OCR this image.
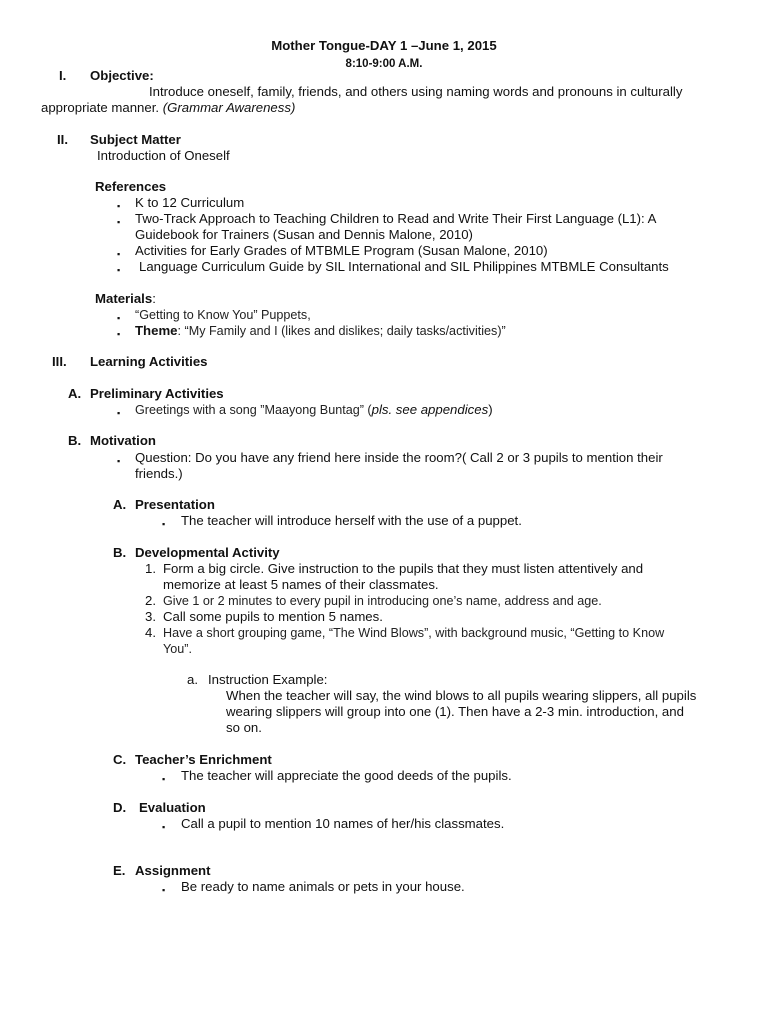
Mother Tongue-DAY 1 –June 1, 2015
8:10-9:00 A.M.
I. Objective:
Introduce oneself, family, friends, and others using naming words and pronouns in culturally
appropriate manner. (Grammar Awareness)
II. Subject Matter
Introduction of Oneself
References
▪ K to 12 Curriculum
▪ Two-Track Approach to Teaching Children to Read and Write Their First Language (L1): A
Guidebook for Trainers (Susan and Dennis Malone, 2010)
▪ Activities for Early Grades of MTBMLE Program (Susan Malone, 2010)
▪ Language Curriculum Guide by SIL International and SIL Philippines MTBMLE Consultants
Materials:
▪ “Getting to Know You” Puppets,
▪ Theme: “My Family and I (likes and dislikes; daily tasks/activities)”
III. Learning Activities
A. Preliminary Activities
▪ Greetings with a song ”Maayong Buntag” (pls. see appendices)
B. Motivation
▪ Question: Do you have any friend here inside the room?( Call 2 or 3 pupils to mention their
friends.)
A. Presentation
▪ The teacher will introduce herself with the use of a puppet.
B. Developmental Activity
1. Form a big circle. Give instruction to the pupils that they must listen attentively and
memorize at least 5 names of their classmates.
2. Give 1 or 2 minutes to every pupil in introducing one’s name, address and age.
3. Call some pupils to mention 5 names.
4. Have a short grouping game, “The Wind Blows”, with background music, “Getting to Know
You”.
a. Instruction Example:
When the teacher will say, the wind blows to all pupils wearing slippers, all pupils
wearing slippers will group into one (1). Then have a 2-3 min. introduction, and
so on.
C. Teacher’s Enrichment
▪ The teacher will appreciate the good deeds of the pupils.
D. Evaluation
▪ Call a pupil to mention 10 names of her/his classmates.
E. Assignment
▪ Be ready to name animals or pets in your house.
